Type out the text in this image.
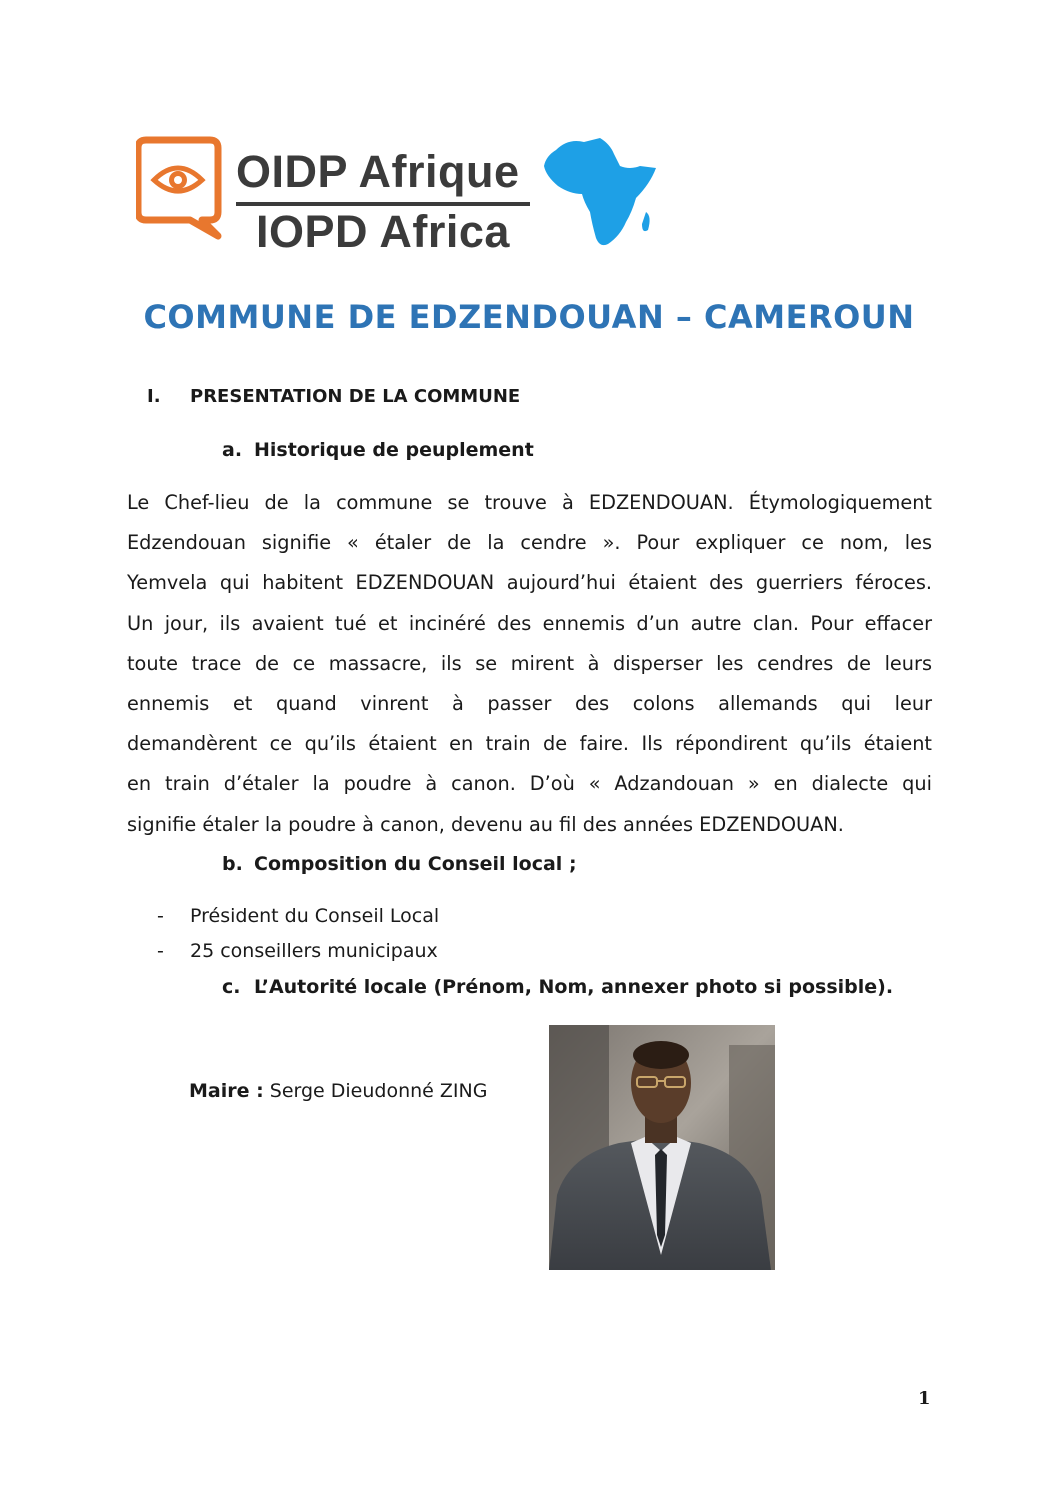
OIDP Afrique
IOPD Africa
COMMUNE DE EDZENDOUAN – CAMEROUN
I. PRESENTATION DE LA COMMUNE
a. Historique de peuplement
Le Chef-lieu de la commune se trouve à EDZENDOUAN. Étymologiquement
Edzendouan signifie « étaler de la cendre ». Pour expliquer ce nom, les
Yemvela qui habitent EDZENDOUAN aujourd’hui étaient des guerriers féroces.
Un jour, ils avaient tué et incinéré des ennemis d’un autre clan. Pour effacer
toute trace de ce massacre, ils se mirent à disperser les cendres de leurs
ennemis et quand vinrent à passer des colons allemands qui leur
demandèrent ce qu’ils étaient en train de faire. Ils répondirent qu’ils étaient
en train d’étaler la poudre à canon. D’où « Adzandouan » en dialecte qui
signifie étaler la poudre à canon, devenu au fil des années EDZENDOUAN.
b. Composition du Conseil local ;
- Président du Conseil Local
- 25 conseillers municipaux
c. L’Autorité locale (Prénom, Nom, annexer photo si possible).
Maire : Serge Dieudonné ZING
1
